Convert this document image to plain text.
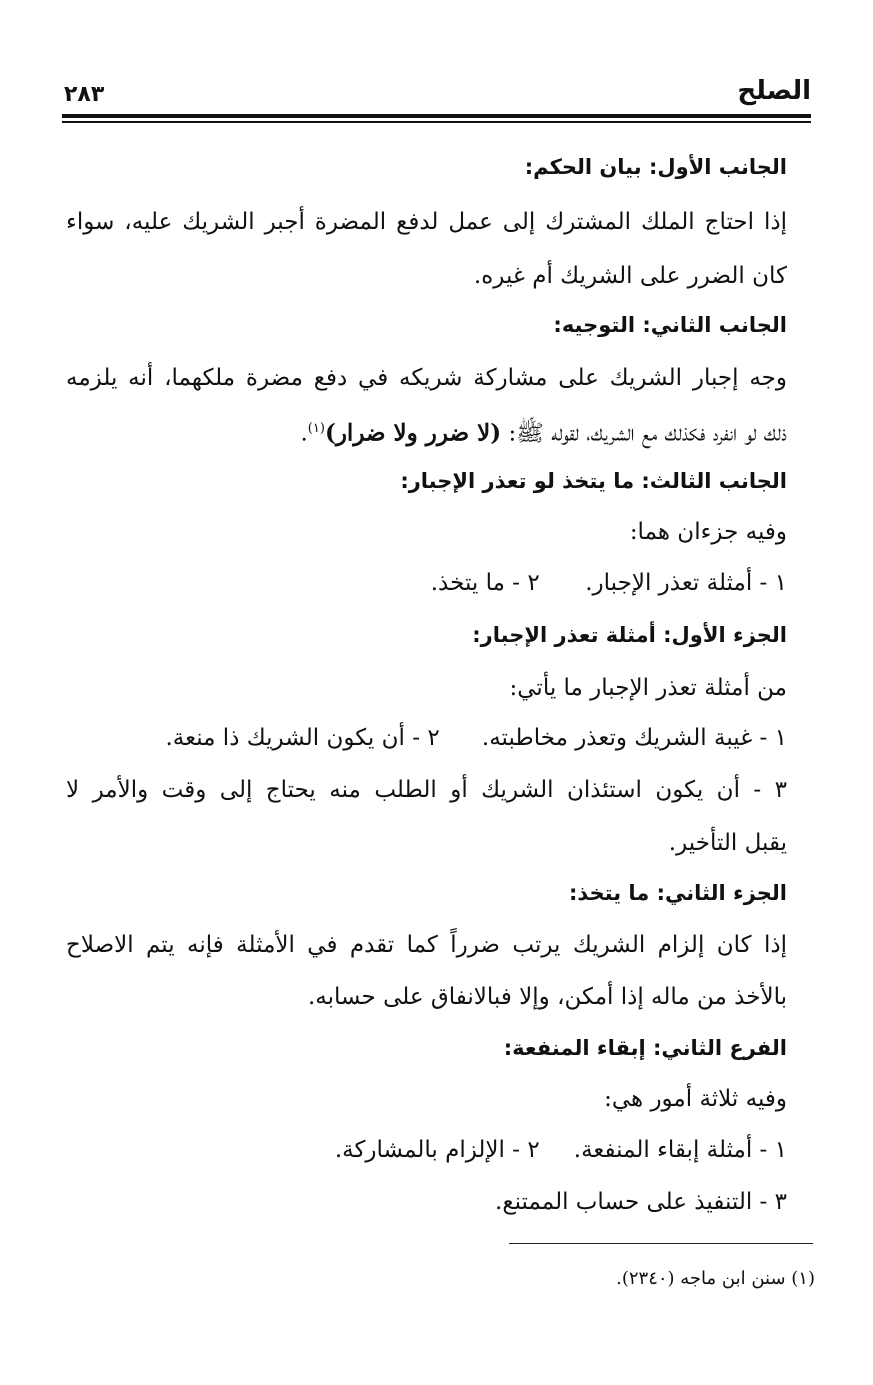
الصلح
٢٨٣
الجانب الأول: بيان الحكم:
إذا احتاج الملك المشترك إلى عمل لدفع المضرة أجبر الشريك عليه، سواء
كان الضرر على الشريك أم غيره.
الجانب الثاني: التوجيه:
وجه إجبار الشريك على مشاركة شريكه في دفع مضرة ملكهما، أنه يلزمه
ذلك لو انفرد فكذلك مع الشريك، لقوله ﷺ: (لا ضرر ولا ضرار)$^{(١)}$.
الجانب الثالث: ما يتخذ لو تعذر الإجبار:
وفيه جزءان هما:
١ - أمثلة تعذر الإجبار. ٢ - ما يتخذ.
الجزء الأول: أمثلة تعذر الإجبار:
من أمثلة تعذر الإجبار ما يأتي:
١ - غيبة الشريك وتعذر مخاطبته. ٢ - أن يكون الشريك ذا منعة.
٣ - أن يكون استئذان الشريك أو الطلب منه يحتاج إلى وقت والأمر لا
يقبل التأخير.
الجزء الثاني: ما يتخذ:
إذا كان إلزام الشريك يرتب ضرراً كما تقدم في الأمثلة فإنه يتم الاصلاح
بالأخذ من ماله إذا أمكن، وإلا فبالانفاق على حسابه.
الفرع الثاني: إبقاء المنفعة:
وفيه ثلاثة أمور هي:
١ - أمثلة إبقاء المنفعة. ٢ - الإلزام بالمشاركة.
٣ - التنفيذ على حساب الممتنع.
(١) سنن ابن ماجه (٢٣٤٠).
